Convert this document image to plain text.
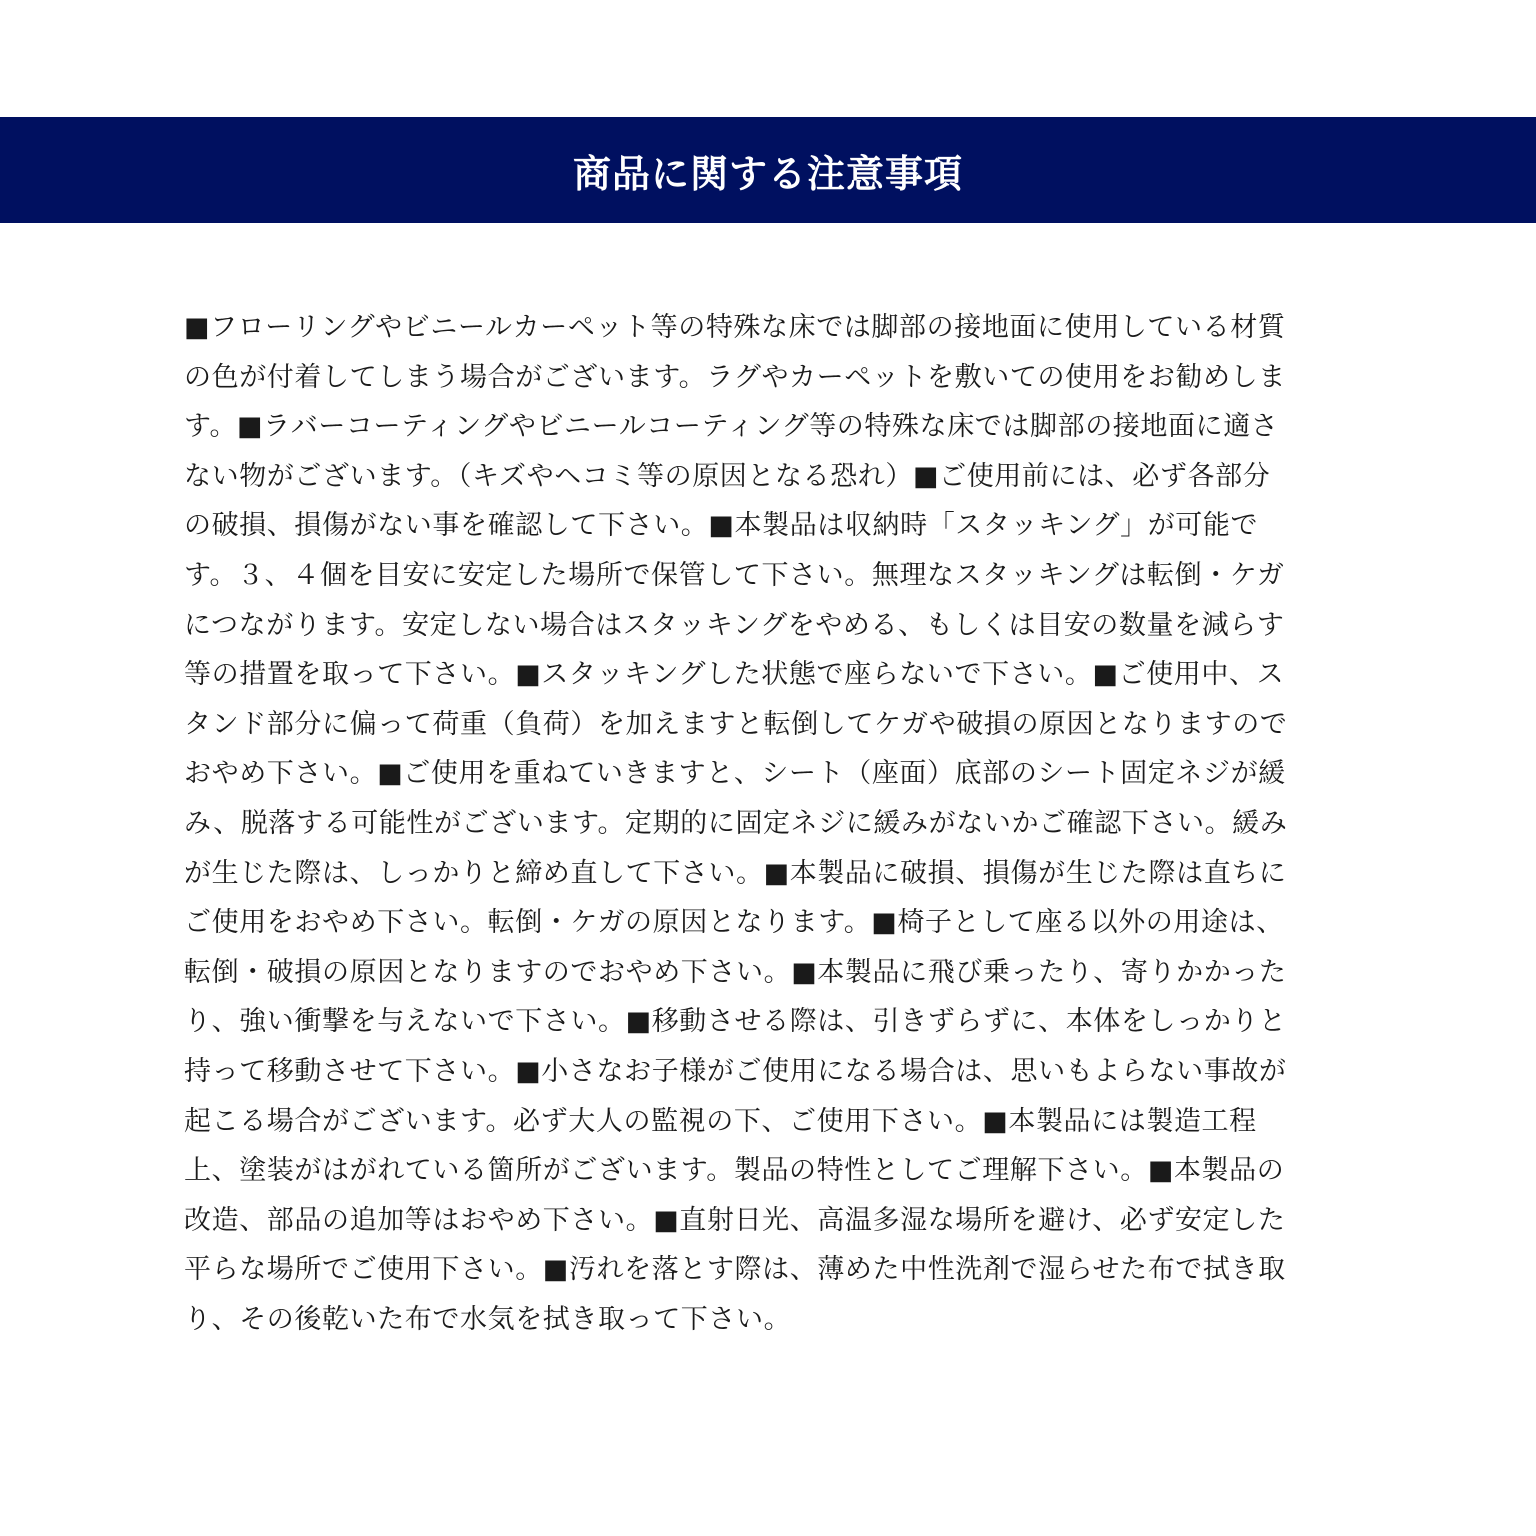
商品に関する注意事項
■フローリングやビニールカーペット等の特殊な床では脚部の接地面に使用している材質
の色が付着してしまう場合がございます。ラグやカーペットを敷いての使用をお勧めしま
す。■ラバーコーティングやビニールコーティング等の特殊な床では脚部の接地面に適さ
ない物がございます。（キズやヘコミ等の原因となる恐れ）■ご使用前には、必ず各部分
の破損、損傷がない事を確認して下さい。■本製品は収納時「スタッキング」が可能で
す。３、４個を目安に安定した場所で保管して下さい。無理なスタッキングは転倒・ケガ
につながります。安定しない場合はスタッキングをやめる、もしくは目安の数量を減らす
等の措置を取って下さい。■スタッキングした状態で座らないで下さい。■ご使用中、ス
タンド部分に偏って荷重（負荷）を加えますと転倒してケガや破損の原因となりますので
おやめ下さい。■ご使用を重ねていきますと、シート（座面）底部のシート固定ネジが緩
み、脱落する可能性がございます。定期的に固定ネジに緩みがないかご確認下さい。緩み
が生じた際は、しっかりと締め直して下さい。■本製品に破損、損傷が生じた際は直ちに
ご使用をおやめ下さい。転倒・ケガの原因となります。■椅子として座る以外の用途は、
転倒・破損の原因となりますのでおやめ下さい。■本製品に飛び乗ったり、寄りかかった
り、強い衝撃を与えないで下さい。■移動させる際は、引きずらずに、本体をしっかりと
持って移動させて下さい。■小さなお子様がご使用になる場合は、思いもよらない事故が
起こる場合がございます。必ず大人の監視の下、ご使用下さい。■本製品には製造工程
上、塗装がはがれている箇所がございます。製品の特性としてご理解下さい。■本製品の
改造、部品の追加等はおやめ下さい。■直射日光、高温多湿な場所を避け、必ず安定した
平らな場所でご使用下さい。■汚れを落とす際は、薄めた中性洗剤で湿らせた布で拭き取
り、その後乾いた布で水気を拭き取って下さい。
